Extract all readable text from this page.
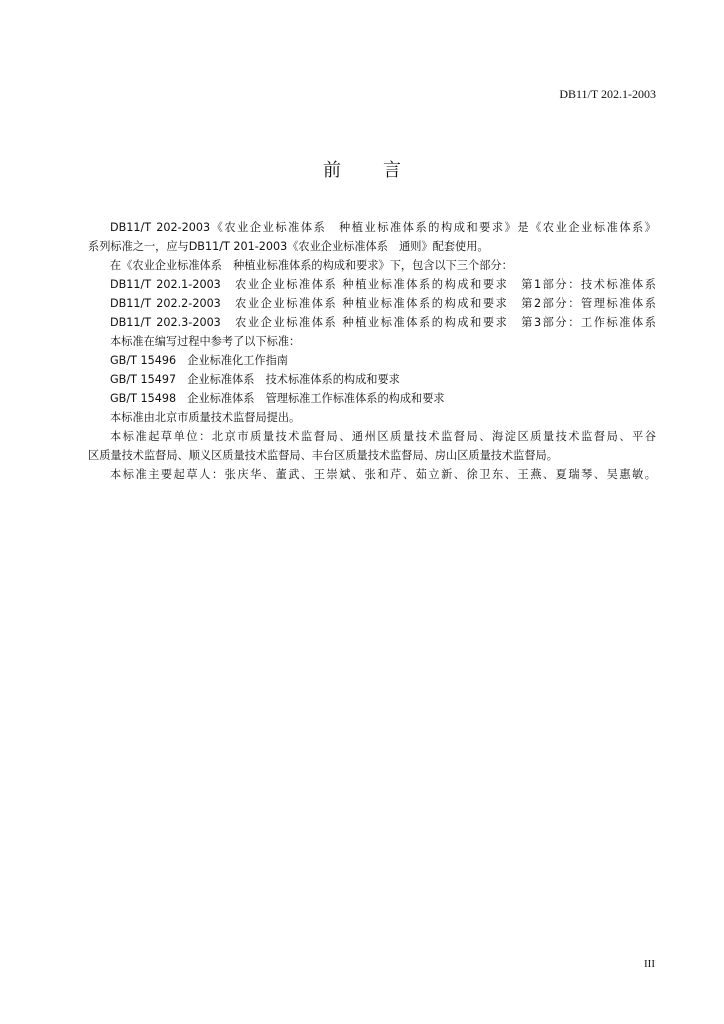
DB11/T 202.1-2003
前 言

DB11/T 202-2003《农业企业标准体系　种植业标准体系的构成和要求》是《农业企业标准体系》

系列标准之一，应与DB11/T 201-2003《农业企业标准体系　通则》配套使用。

在《农业企业标准体系　种植业标准体系的构成和要求》下，包含以下三个部分：

DB11/T 202.1-2003　农业企业标准体系 种植业标准体系的构成和要求　第1部分：技术标准体系

DB11/T 202.2-2003　农业企业标准体系 种植业标准体系的构成和要求　第2部分：管理标准体系

DB11/T 202.3-2003　农业企业标准体系 种植业标准体系的构成和要求　第3部分：工作标准体系

本标准在编写过程中参考了以下标准：

GB/T 15496　企业标准化工作指南

GB/T 15497　企业标准体系　技术标准体系的构成和要求

GB/T 15498　企业标准体系　管理标准工作标准体系的构成和要求

本标准由北京市质量技术监督局提出。

本标准起草单位：北京市质量技术监督局、通州区质量技术监督局、海淀区质量技术监督局、平谷

区质量技术监督局、顺义区质量技术监督局、丰台区质量技术监督局、房山区质量技术监督局。

本标准主要起草人：张庆华、董武、王崇斌、张和芹、茹立新、徐卫东、王燕、夏瑞琴、吴惠敏。

III
